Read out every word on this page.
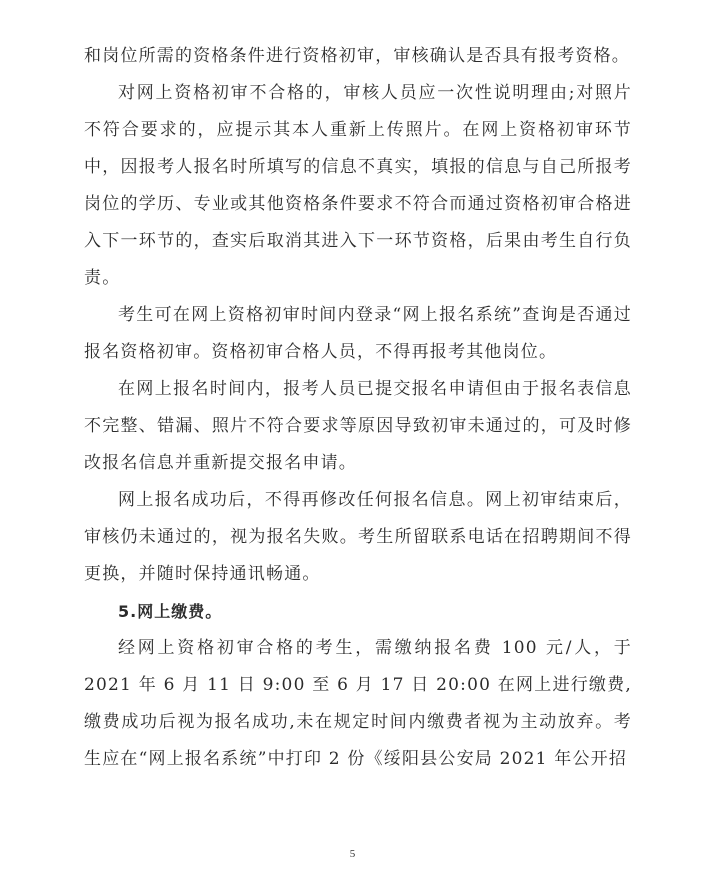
和岗位所需的资格条件进行资格初审，审核确认是否具有报考资格。

对网上资格初审不合格的，审核人员应一次性说明理由;对照片不符合要求的，应提示其本人重新上传照片。在网上资格初审环节中，因报考人报名时所填写的信息不真实，填报的信息与自己所报考岗位的学历、专业或其他资格条件要求不符合而通过资格初审合格进入下一环节的，查实后取消其进入下一环节资格，后果由考生自行负责。

考生可在网上资格初审时间内登录“网上报名系统”查询是否通过报名资格初审。资格初审合格人员，不得再报考其他岗位。

在网上报名时间内，报考人员已提交报名申请但由于报名表信息不完整、错漏、照片不符合要求等原因导致初审未通过的，可及时修改报名信息并重新提交报名申请。

网上报名成功后，不得再修改任何报名信息。网上初审结束后，审核仍未通过的，视为报名失败。考生所留联系电话在招聘期间不得更换，并随时保持通讯畅通。

5.网上缴费。

经网上资格初审合格的考生，需缴纳报名费 100 元/人，于2021 年 6 月 11 日 9:00 至 6 月 17 日 20:00 在网上进行缴费,缴费成功后视为报名成功,未在规定时间内缴费者视为主动放弃。考生应在“网上报名系统”中打印 2 份《绥阳县公安局 2021 年公开招

5
